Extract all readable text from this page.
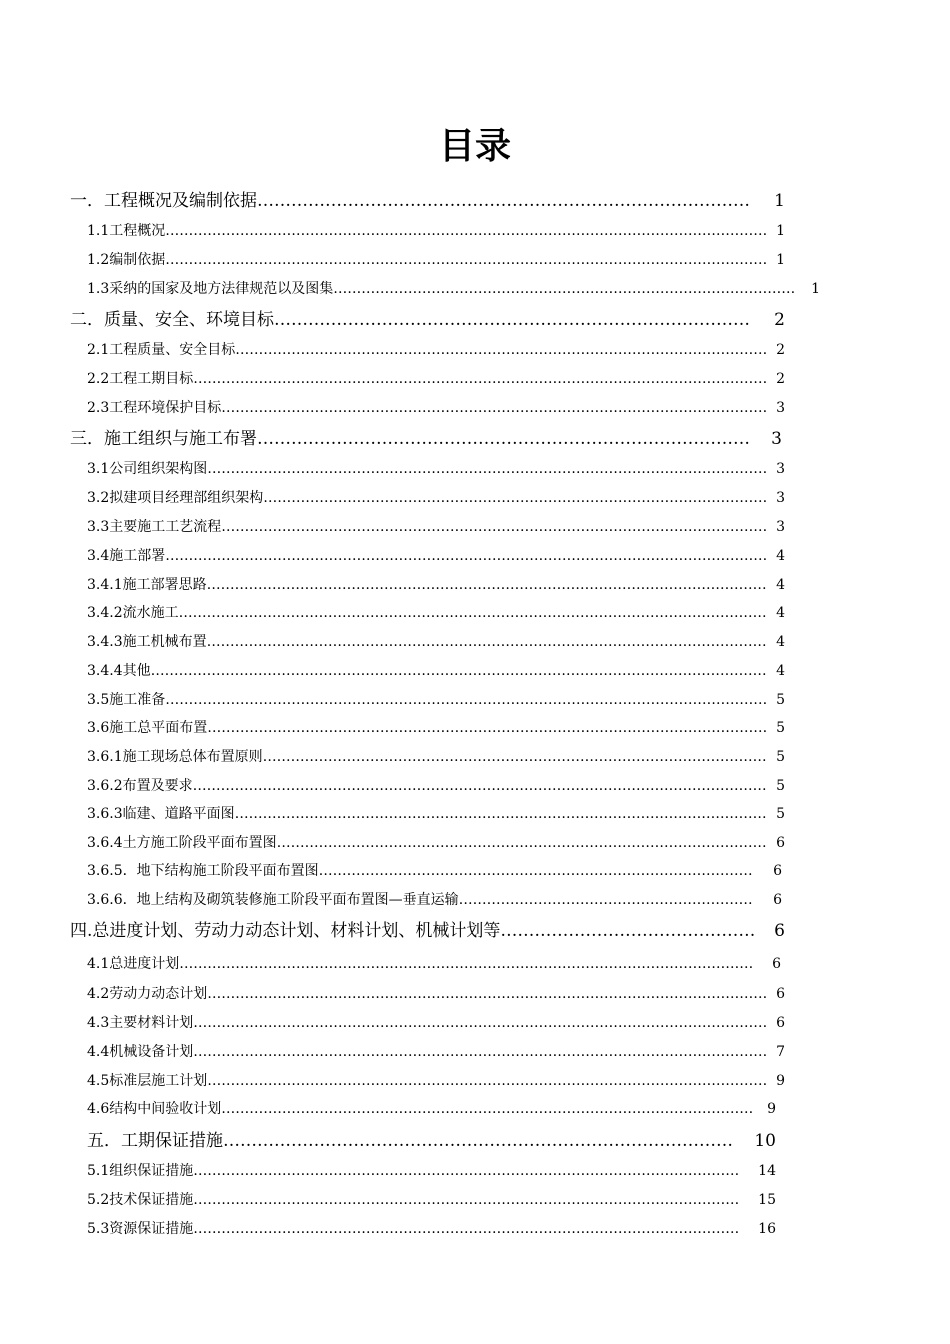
目录
一．工程概况及编制依据…………………………………………………………………………… 1
1.1工程概况………………………………………………………………………………………………………………… 1
1.2编制依据………………………………………………………………………………………………………………… 1
1.3采纳的国家及地方法律规范以及图集……………………………………………………………………………………… 1
二．质量、安全、环境目标………………………………………………………………………… 2
2.1工程质量、安全目标…………………………………………………………………………………………………… 2
2.2工程工期目标…………………………………………………………………………………………………………… 2
2.3工程环境保护目标……………………………………………………………………………………………………… 3
三．施工组织与施工布署…………………………………………………………………………… 3
3.1公司组织架构图………………………………………………………………………………………………………… 3
3.2拟建项目经理部组织架构……………………………………………………………………………………………… 3
3.3主要施工工艺流程……………………………………………………………………………………………………… 3
3.4施工部署………………………………………………………………………………………………………………… 4
3.4.1施工部署思路………………………………………………………………………………………………………… 4
3.4.2流水施工……………………………………………………………………………………………………………… 4
3.4.3施工机械布置………………………………………………………………………………………………………… 4
3.4.4其他…………………………………………………………………………………………………………………… 4
3.5施工准备………………………………………………………………………………………………………………… 5
3.6施工总平面布置………………………………………………………………………………………………………… 5
3.6.1施工现场总体布置原则……………………………………………………………………………………………… 5
3.6.2布置及要求…………………………………………………………………………………………………………… 5
3.6.3临建、道路平面图…………………………………………………………………………………………………… 5
3.6.4土方施工阶段平面布置图…………………………………………………………………………………………… 6
3.6.5．地下结构施工阶段平面布置图………………………………………………………………………………… 6
3.6.6．地上结构及砌筑装修施工阶段平面布置图—垂直运输……………………………………………………… 6
四.总进度计划、劳动力动态计划、材料计划、机械计划等……………………………………… 6
4.1总进度计划…………………………………………………………………………………………………………… 6
4.2劳动力动态计划………………………………………………………………………………………………………… 6
4.3主要材料计划…………………………………………………………………………………………………………… 6
4.4机械设备计划…………………………………………………………………………………………………………… 7
4.5标准层施工计划………………………………………………………………………………………………………… 9
4.6结构中间验收计划…………………………………………………………………………………………………… 9
五．工期保证措施……………………………………………………………………………… 10
5.1组织保证措施……………………………………………………………………………………………………… 14
5.2技术保证措施……………………………………………………………………………………………………… 15
5.3资源保证措施……………………………………………………………………………………………………… 16
